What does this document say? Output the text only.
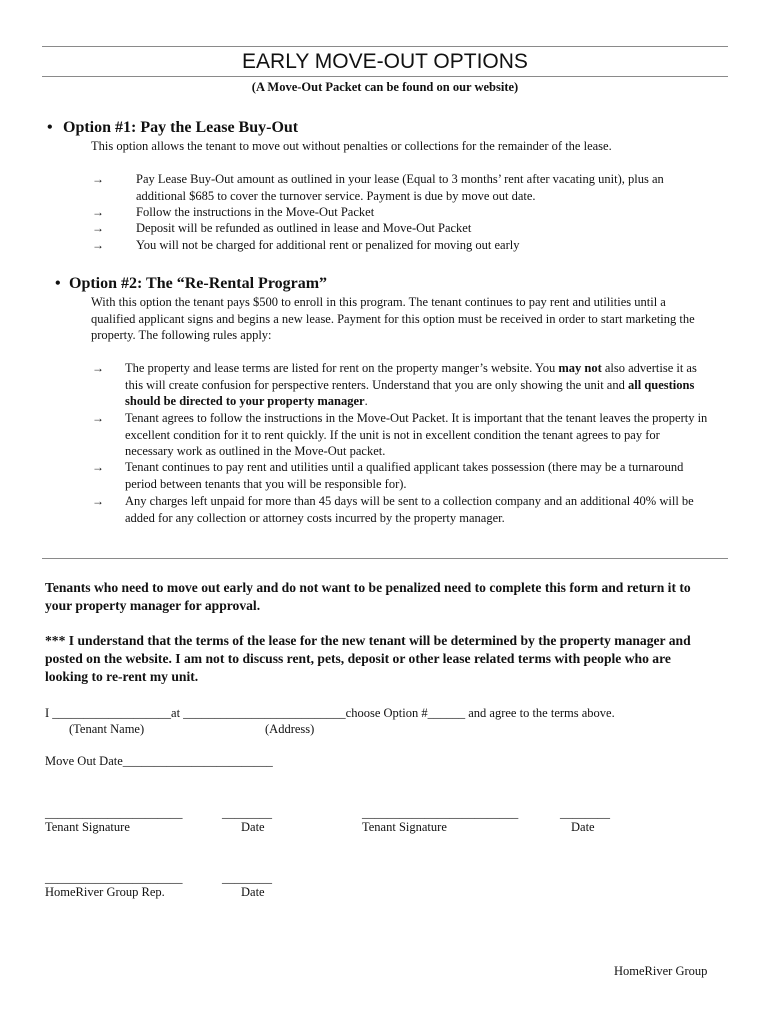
EARLY MOVE-OUT OPTIONS
(A Move-Out Packet can be found on our website)
• Option #1: Pay the Lease Buy-Out
This option allows the tenant to move out without penalties or collections for the remainder of the lease.
→	Pay Lease Buy-Out amount as outlined in your lease (Equal to 3 months’ rent after vacating unit), plus an additional $685 to cover the turnover service. Payment is due by move out date.
→	Follow the instructions in the Move-Out Packet
→	Deposit will be refunded as outlined in lease and Move-Out Packet
→	You will not be charged for additional rent or penalized for moving out early
• Option #2: The “Re-Rental Program”
With this option the tenant pays $500 to enroll in this program. The tenant continues to pay rent and utilities until a qualified applicant signs and begins a new lease. Payment for this option must be received in order to start marketing the property. The following rules apply:
→ The property and lease terms are listed for rent on the property manger’s website. You may not also advertise it as this will create confusion for perspective renters. Understand that you are only showing the unit and all questions should be directed to your property manager.
→ Tenant agrees to follow the instructions in the Move-Out Packet. It is important that the tenant leaves the property in excellent condition for it to rent quickly. If the unit is not in excellent condition the tenant agrees to pay for necessary work as outlined in the Move-Out packet.
→ Tenant continues to pay rent and utilities until a qualified applicant takes possession (there may be a turnaround period between tenants that you will be responsible for).
→ Any charges left unpaid for more than 45 days will be sent to a collection company and an additional 40% will be added for any collection or attorney costs incurred by the property manager.
Tenants who need to move out early and do not want to be penalized need to complete this form and return it to your property manager for approval.
*** I understand that the terms of the lease for the new tenant will be determined by the property manager and posted on the website. I am not to discuss rent, pets, deposit or other lease related terms with people who are looking to re-rent my unit.
I ___________________at __________________________choose Option #______ and agree to the terms above.
(Tenant Name)	(Address)
Move Out Date________________________
______________________	________	_________________________	________
Tenant Signature	Date	Tenant Signature	Date
______________________	________
HomeRiver Group Rep.	Date
HomeRiver Group
